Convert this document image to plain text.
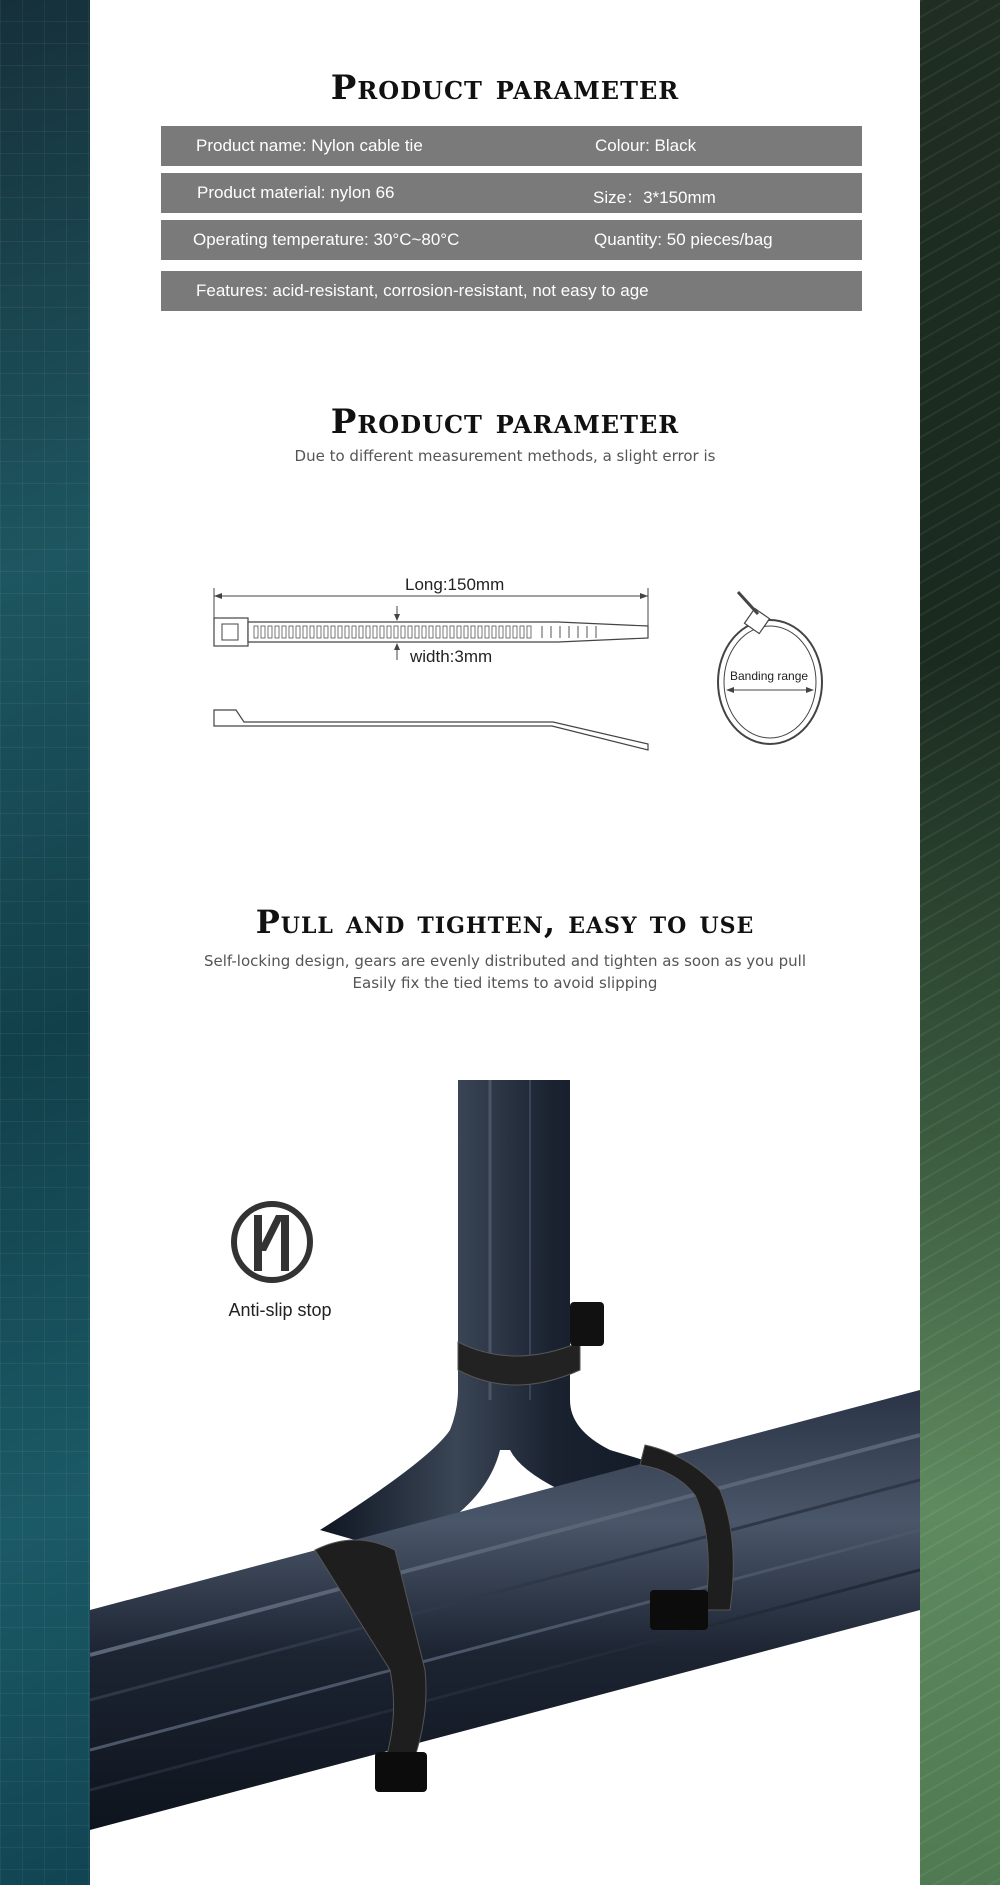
Product parameter
Product name: Nylon cable tie	Colour: Black
Product material: nylon 66	Size：3*150mm
Operating temperature: 30°C~80°C	Quantity: 50 pieces/bag
Features: acid-resistant, corrosion-resistant, not easy to age
Product parameter
Due to different measurement methods, a slight error is
Long:150mm
width:3mm
Banding range
Pull and tighten, easy to use
Self-locking design, gears are evenly distributed and tighten as soon as you pull
Easily fix the tied items to avoid slipping
Anti-slip stop
